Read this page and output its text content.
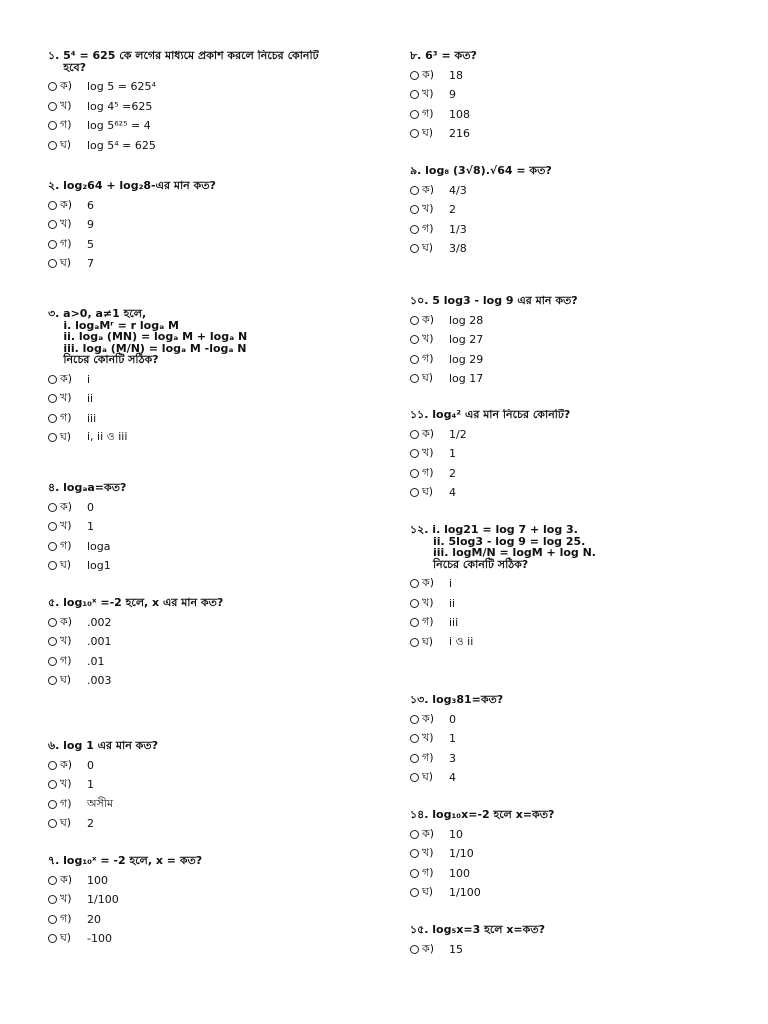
১. 5⁴ = 625 কে লগের মাধ্যমে প্রকাশ করলে নিচের কোনটি
হবে?
ক)	log 5 = 625⁴
খ)	log 4⁵ =625
গ)	log 5⁶²⁵ = 4
ঘ)	log 5⁴ = 625
২. log₂64 + log₂8-এর মান কত?
ক)	6
খ)	9
গ)	5
ঘ)	7
৩. a>0, a≠1 হলে,
i. logₐMʳ = r logₐ M
ii. logₐ (MN) = logₐ M + logₐ N
iii. logₐ (M/N) = logₐ M -logₐ N
নিচের কোনটি সঠিক?
ক)	i
খ)	ii
গ)	iii
ঘ)	i, ii ও iii
৪. logₐa=কত?
ক)	0
খ)	1
গ)	loga
ঘ)	log1
৫. log₁₀ˣ =-2 হলে, x এর মান কত?
ক)	.002
খ)	.001
গ)	.01
ঘ)	.003
৬. log 1 এর মান কত?
ক)	0
খ)	1
গ)	অসীম
ঘ)	2
৭. log₁₀ˣ = -2 হলে, x = কত?
ক)	100
খ)	1/100
গ)	20
ঘ)	-100
৮. 6³ = কত?
ক)	18
খ)	9
গ)	108
ঘ)	216
৯. log₈ (3√8).√64 = কত?
ক)	4/3
খ)	2
গ)	1/3
ঘ)	3/8
১০. 5 log3 - log 9 এর মান কত?
ক)	log 28
খ)	log 27
গ)	log 29
ঘ)	log 17
১১. log₄² এর মান নিচের কোনটি?
ক)	1/2
খ)	1
গ)	2
ঘ)	4
১২. i. log21 = log 7 + log 3.
ii. 5log3 - log 9 = log 25.
iii. logM/N = logM + log N.
নিচের কোনটি সঠিক?
ক)	i
খ)	ii
গ)	iii
ঘ)	i ও ii
১৩. log₃81=কত?
ক)	0
খ)	1
গ)	3
ঘ)	4
১৪. log₁₀x=-2 হলে x=কত?
ক)	10
খ)	1/10
গ)	100
ঘ)	1/100
১৫. log₅x=3 হলে x=কত?
ক)	15
